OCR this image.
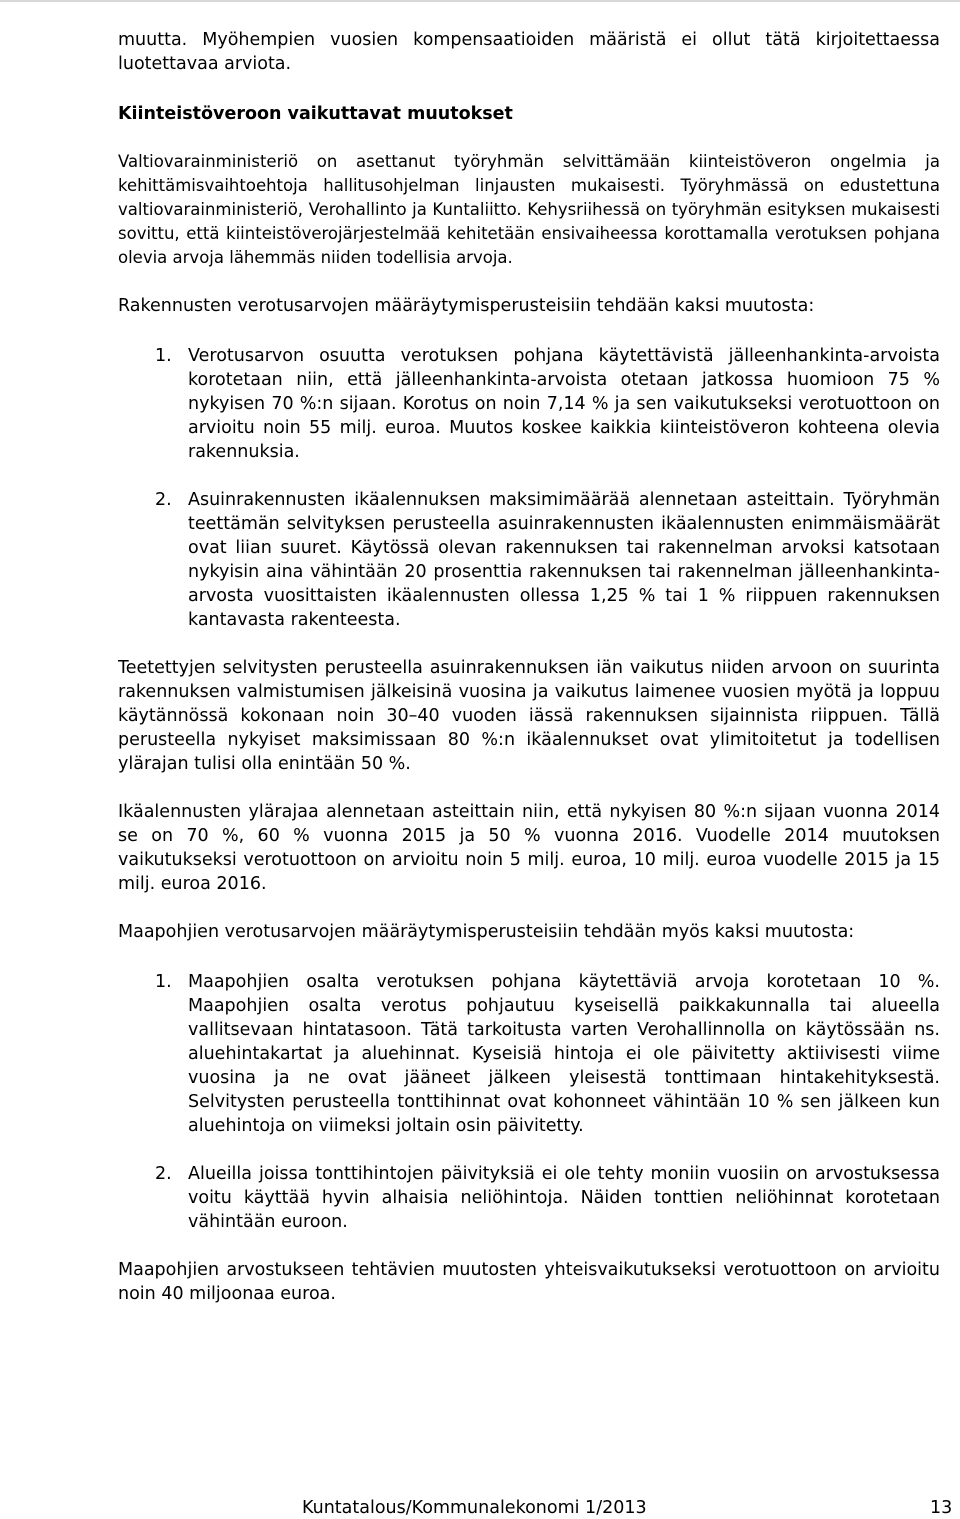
muutta. Myöhempien vuosien kompensaatioiden määristä ei ollut tätä kirjoitettaessa luotettavaa arviota.

Kiinteistöveroon vaikuttavat muutokset

Valtiovarainministeriö on asettanut työryhmän selvittämään kiinteistöveron ongelmia ja kehittämisvaihtoehtoja hallitusohjelman linjausten mukaisesti. Työryhmässä on edustettuna valtiovarainministeriö, Verohallinto ja Kuntaliitto. Kehysriihessä on työryhmän esityksen mukaisesti sovittu, että kiinteistöverojärjestelmää kehitetään ensivaiheessa korottamalla verotuksen pohjana olevia arvoja lähemmäs niiden todellisia arvoja.

Rakennusten verotusarvojen määräytymisperusteisiin tehdään kaksi muutosta:

1. Verotusarvon osuutta verotuksen pohjana käytettävistä jälleenhankinta-arvoista korotetaan niin, että jälleenhankinta-arvoista otetaan jatkossa huomioon 75 % nykyisen 70 %:n sijaan. Korotus on noin 7,14 % ja sen vaikutukseksi verotuottoon on arvioitu noin 55 milj. euroa. Muutos koskee kaikkia kiinteistöveron kohteena olevia rakennuksia.

2. Asuinrakennusten ikäalennuksen maksimimäärää alennetaan asteittain. Työryhmän teettämän selvityksen perusteella asuinrakennusten ikäalennusten enimmäismäärät ovat liian suuret. Käytössä olevan rakennuksen tai rakennelman arvoksi katsotaan nykyisin aina vähintään 20 prosenttia rakennuksen tai rakennelman jälleenhankinta-arvosta vuosittaisten ikäalennusten ollessa 1,25 % tai 1 % riippuen rakennuksen kantavasta rakenteesta.

Teetettyjen selvitysten perusteella asuinrakennuksen iän vaikutus niiden arvoon on suurinta rakennuksen valmistumisen jälkeisinä vuosina ja vaikutus laimenee vuosien myötä ja loppuu käytännössä kokonaan noin 30–40 vuoden iässä rakennuksen sijainnista riippuen. Tällä perusteella nykyiset maksimissaan 80 %:n ikäalennukset ovat ylimitoitetut ja todellisen ylärajan tulisi olla enintään 50 %.

Ikäalennusten ylärajaa alennetaan asteittain niin, että nykyisen 80 %:n sijaan vuonna 2014 se on 70 %, 60 % vuonna 2015 ja 50 % vuonna 2016. Vuodelle 2014 muutoksen vaikutukseksi verotuottoon on arvioitu noin 5 milj. euroa, 10 milj. euroa vuodelle 2015 ja 15 milj. euroa 2016.

Maapohjien verotusarvojen määräytymisperusteisiin tehdään myös kaksi muutosta:

1. Maapohjien osalta verotuksen pohjana käytettäviä arvoja korotetaan 10 %. Maapohjien osalta verotus pohjautuu kyseisellä paikkakunnalla tai alueella vallitsevaan hintatasoon. Tätä tarkoitusta varten Verohallinnolla on käytössään ns. aluehintakartat ja aluehinnat. Kyseisiä hintoja ei ole päivitetty aktiivisesti viime vuosina ja ne ovat jääneet jälkeen yleisestä tonttimaan hintakehityksestä. Selvitysten perusteella tonttihinnat ovat kohonneet vähintään 10 % sen jälkeen kun aluehintoja on viimeksi joltain osin päivitetty.

2. Alueilla joissa tonttihintojen päivityksiä ei ole tehty moniin vuosiin on arvostuksessa voitu käyttää hyvin alhaisia neliöhintoja. Näiden tonttien neliöhinnat korotetaan vähintään euroon.

Maapohjien arvostukseen tehtävien muutosten yhteisvaikutukseksi verotuottoon on arvioitu noin 40 miljoonaa euroa.

Kuntatalous/Kommunalekonomi 1/2013	13
